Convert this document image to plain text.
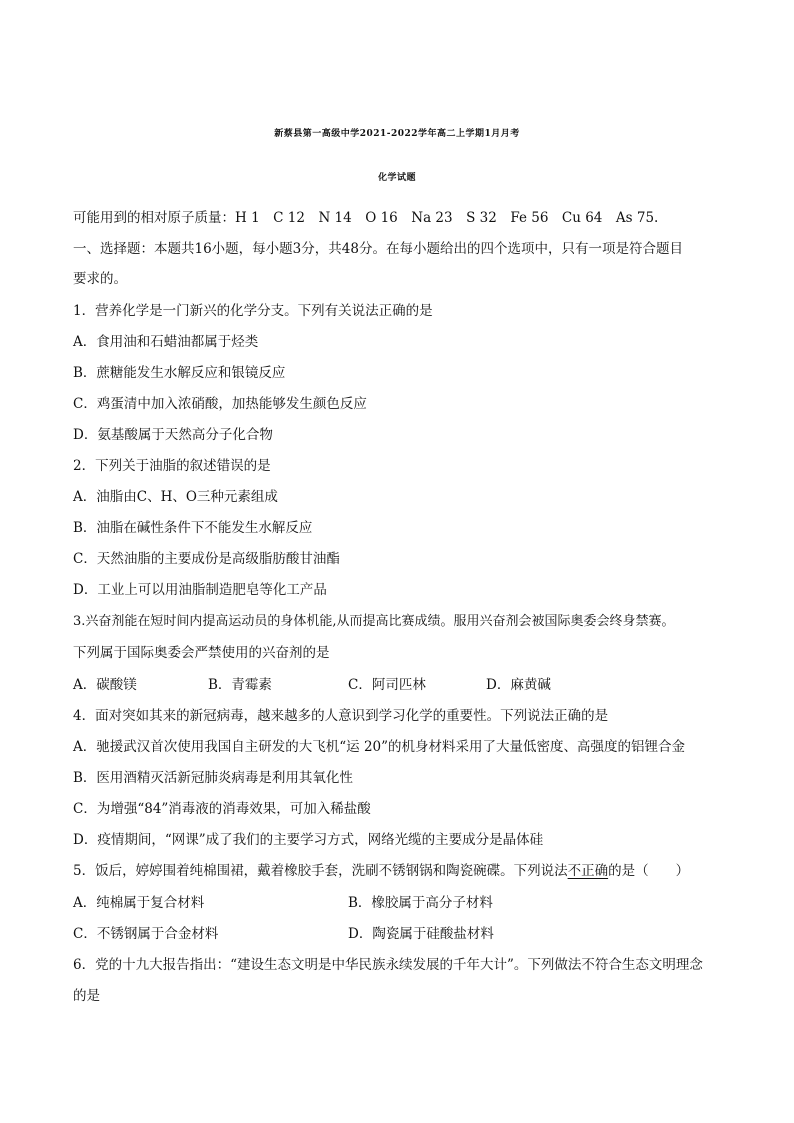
新蔡县第一高级中学2021-2022学年高二上学期1月月考
化学试题
可能用到的相对原子质量：H 1　C 12　N 14　O 16　Na 23　S 32　Fe 56　Cu 64　As 75.
一、选择题：本题共16小题，每小题3分，共48分。在每小题给出的四个选项中，只有一项是符合题目
要求的。
1．营养化学是一门新兴的化学分支。下列有关说法正确的是
A．食用油和石蜡油都属于烃类
B．蔗糖能发生水解反应和银镜反应
C．鸡蛋清中加入浓硝酸，加热能够发生颜色反应
D．氨基酸属于天然高分子化合物
2．下列关于油脂的叙述错误的是
A．油脂由C、H、O三种元素组成
B．油脂在碱性条件下不能发生水解反应
C．天然油脂的主要成份是高级脂肪酸甘油酯
D．工业上可以用油脂制造肥皂等化工产品
3.兴奋剂能在短时间内提高运动员的身体机能,从而提高比赛成绩。服用兴奋剂会被国际奥委会终身禁赛。
下列属于国际奥委会严禁使用的兴奋剂的是
A．碳酸镁	B．青霉素	C．阿司匹林	D．麻黄碱
4．面对突如其来的新冠病毒，越来越多的人意识到学习化学的重要性。下列说法正确的是
A．驰援武汉首次使用我国自主研发的大飞机“运 20”的机身材料采用了大量低密度、高强度的铝锂合金
B．医用酒精灭活新冠肺炎病毒是利用其氧化性
C．为增强“84”消毒液的消毒效果，可加入稀盐酸
D．疫情期间，“网课”成了我们的主要学习方式，网络光缆的主要成分是晶体硅
5．饭后，婷婷围着纯棉围裙，戴着橡胶手套，洗刷不锈钢锅和陶瓷碗碟。下列说法不正确的是（　　）
A．纯棉属于复合材料	B．橡胶属于高分子材料
C．不锈钢属于合金材料	D．陶瓷属于硅酸盐材料
6．党的十九大报告指出：“建设生态文明是中华民族永续发展的千年大计”。下列做法不符合生态文明理念
的是
